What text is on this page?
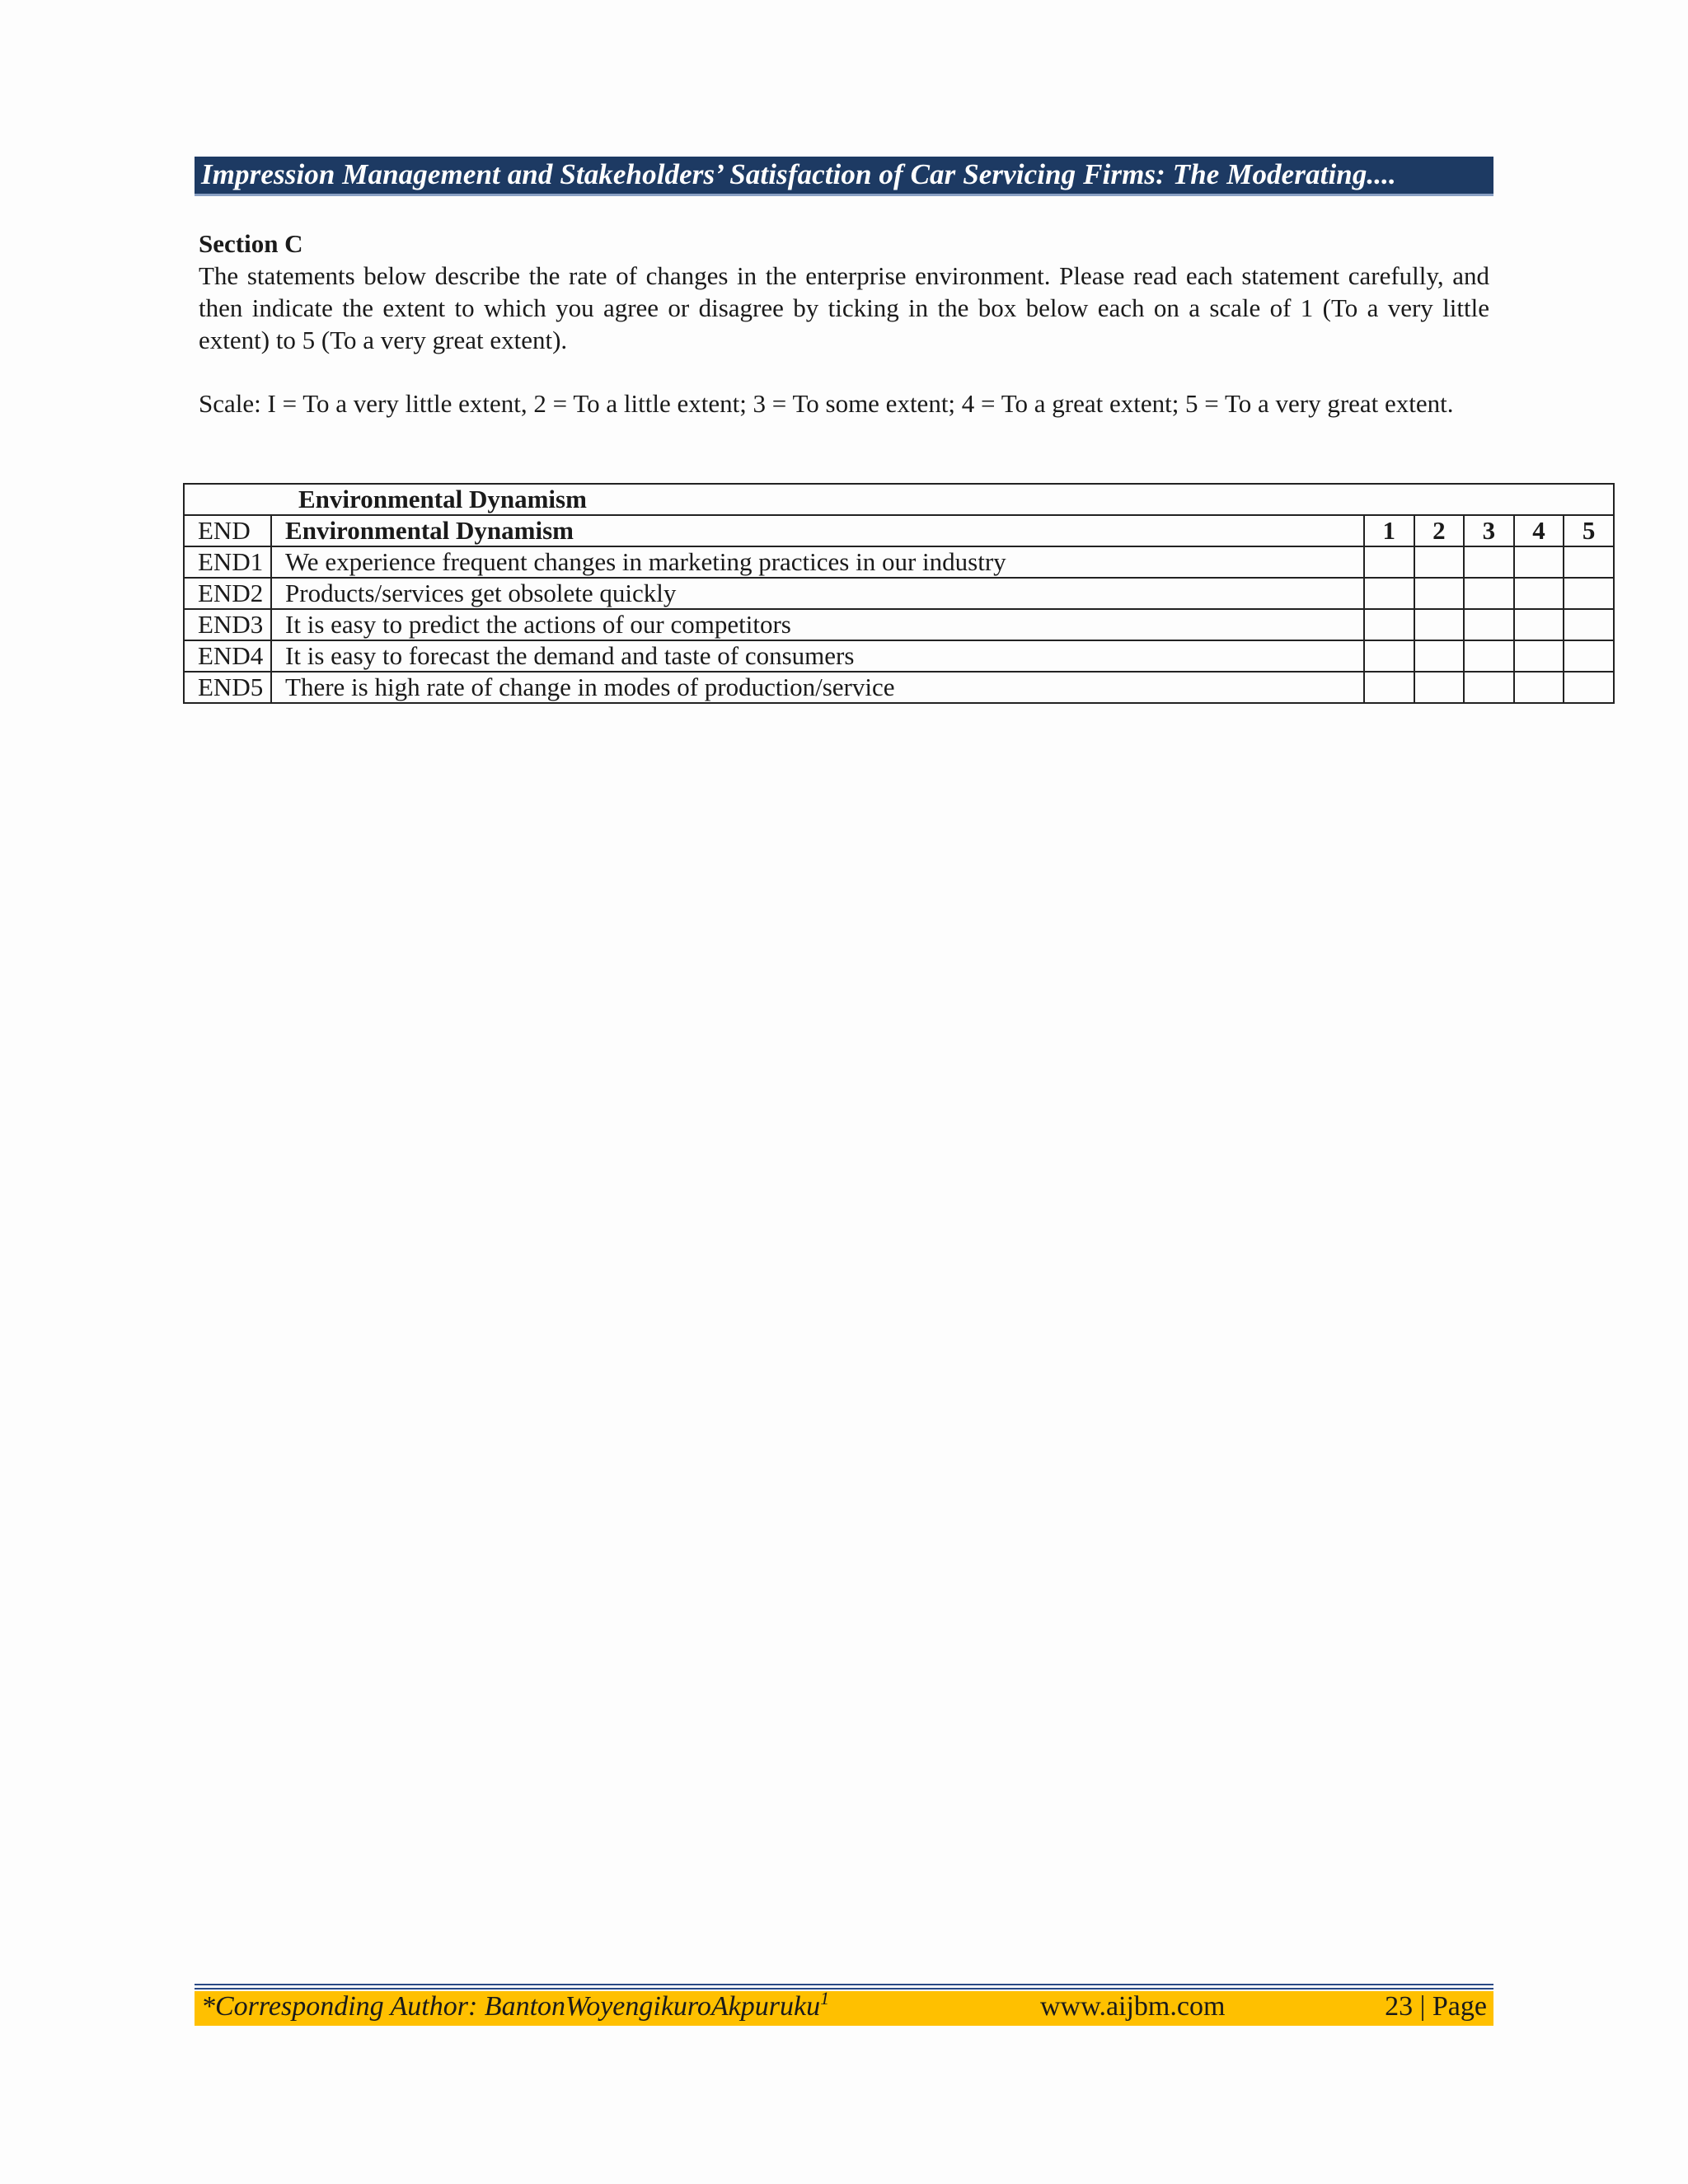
Impression Management and Stakeholders’ Satisfaction of Car Servicing Firms: The Moderating....
Section C
The statements below describe the rate of changes in the enterprise environment. Please read each statement carefully, and then indicate the extent to which you agree or disagree by ticking in the box below each on a scale of 1 (To a very little extent) to 5 (To a very great extent).
Scale: I = To a very little extent, 2 = To a little extent; 3 = To some extent; 4 = To a great extent; 5 = To a very great extent.
Environmental Dynamism						
END	Environmental Dynamism	1	2	3	4	5
END1	We experience frequent changes in marketing practices in our industry					
END2	Products/services get obsolete quickly					
END3	It is easy to predict the actions of our competitors					
END4	It is easy to forecast the demand and taste of consumers					
END5	There is high rate of change in modes of production/service					
*Corresponding Author: BantonWoyengikuroAkpuruku$^1$	www.aijbm.com	23 | Page
